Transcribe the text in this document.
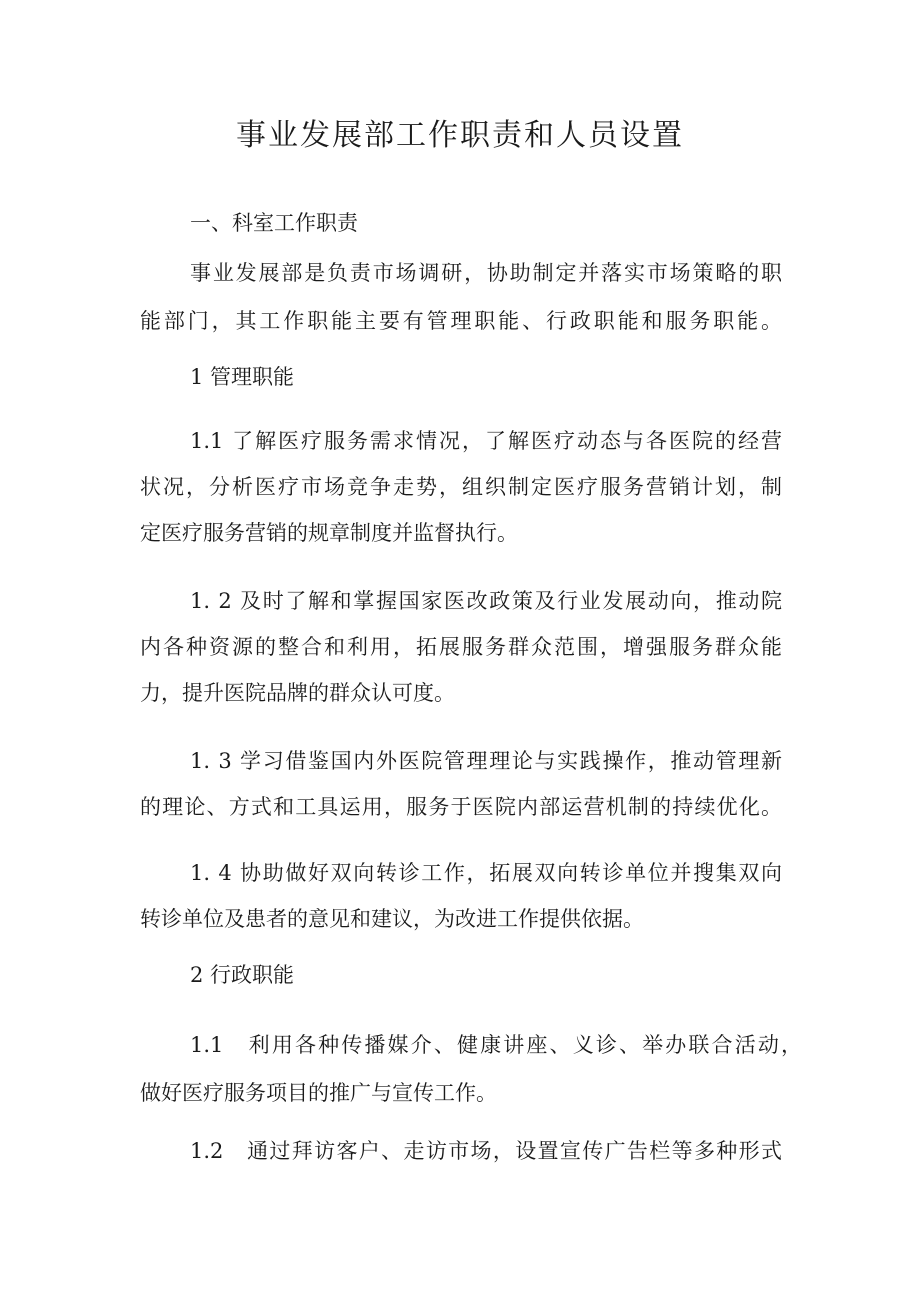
事业发展部工作职责和人员设置

一、科室工作职责

事业发展部是负责市场调研，协助制定并落实市场策略的职

能部门，其工作职能主要有管理职能、行政职能和服务职能。

1 管理职能

1.1 了解医疗服务需求情况，了解医疗动态与各医院的经营

状况，分析医疗市场竞争走势，组织制定医疗服务营销计划，制

定医疗服务营销的规章制度并监督执行。

1. 2 及时了解和掌握国家医改政策及行业发展动向，推动院

内各种资源的整合和利用，拓展服务群众范围，增强服务群众能

力，提升医院品牌的群众认可度。

1. 3 学习借鉴国内外医院管理理论与实践操作，推动管理新

的理论、方式和工具运用，服务于医院内部运营机制的持续优化。

1. 4 协助做好双向转诊工作，拓展双向转诊单位并搜集双向

转诊单位及患者的意见和建议，为改进工作提供依据。

2 行政职能

1.1　利用各种传播媒介、健康讲座、义诊、举办联合活动，

做好医疗服务项目的推广与宣传工作。

1.2　通过拜访客户、走访市场，设置宣传广告栏等多种形式
